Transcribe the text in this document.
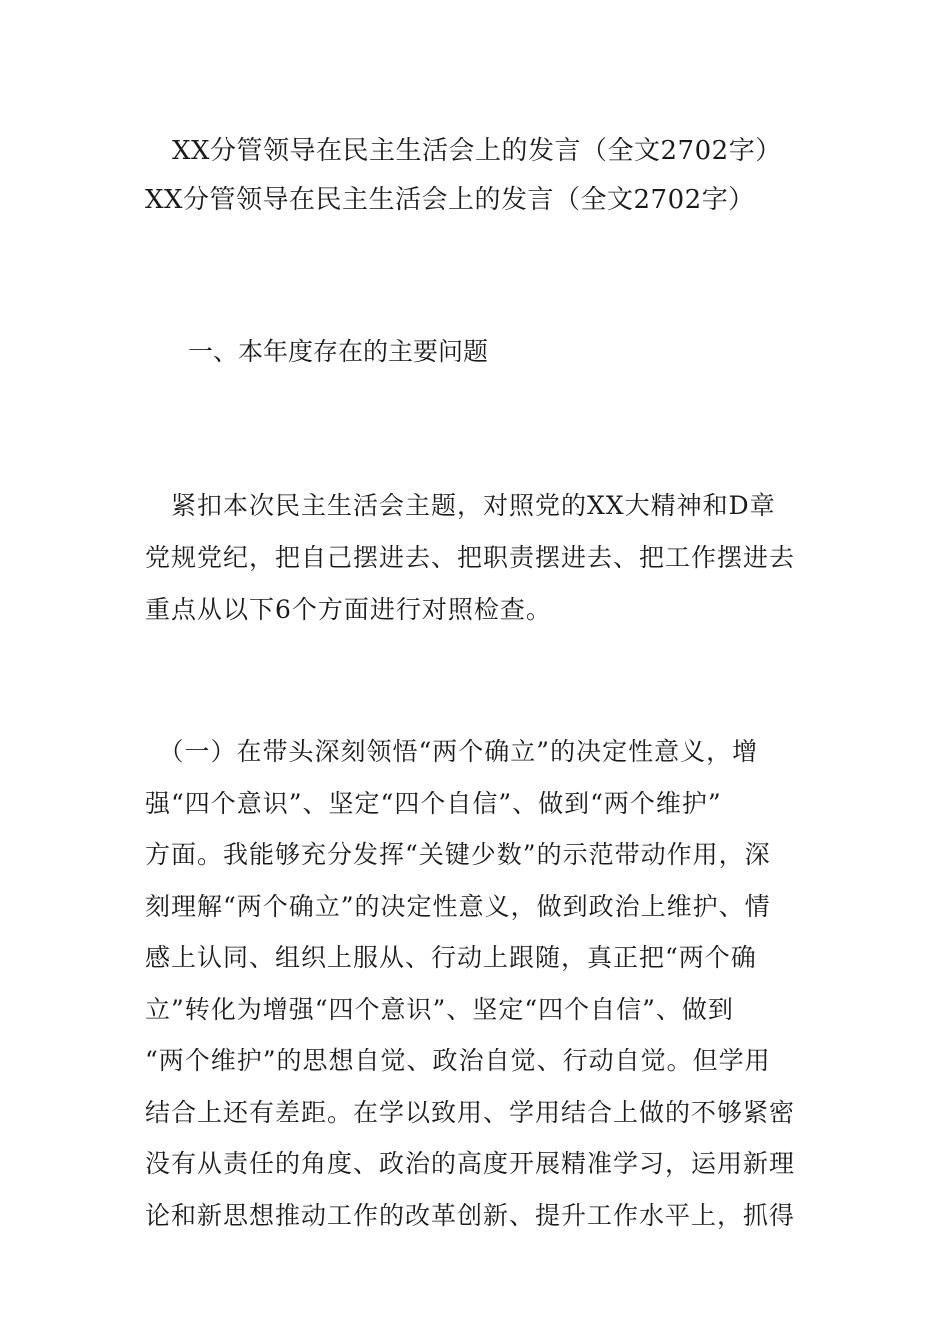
XX分管领导在民主生活会上的发言（全文2702字）
XX分管领导在民主生活会上的发言（全文2702字）
一、本年度存在的主要问题

　紧扣本次民主生活会主题，对照党的XX大精神和D章

党规党纪，把自己摆进去、把职责摆进去、把工作摆进去

重点从以下6个方面进行对照检查。

　（一）在带头深刻领悟“两个确立”的决定性意义，增

强“四个意识”、坚定“四个自信”、做到“两个维护”

方面。我能够充分发挥“关键少数”的示范带动作用，深

刻理解“两个确立”的决定性意义，做到政治上维护、情

感上认同、组织上服从、行动上跟随，真正把“两个确

立”转化为增强“四个意识”、坚定“四个自信”、做到

“两个维护”的思想自觉、政治自觉、行动自觉。但学用

结合上还有差距。在学以致用、学用结合上做的不够紧密

没有从责任的角度、政治的高度开展精准学习，运用新理

论和新思想推动工作的改革创新、提升工作水平上，抓得
